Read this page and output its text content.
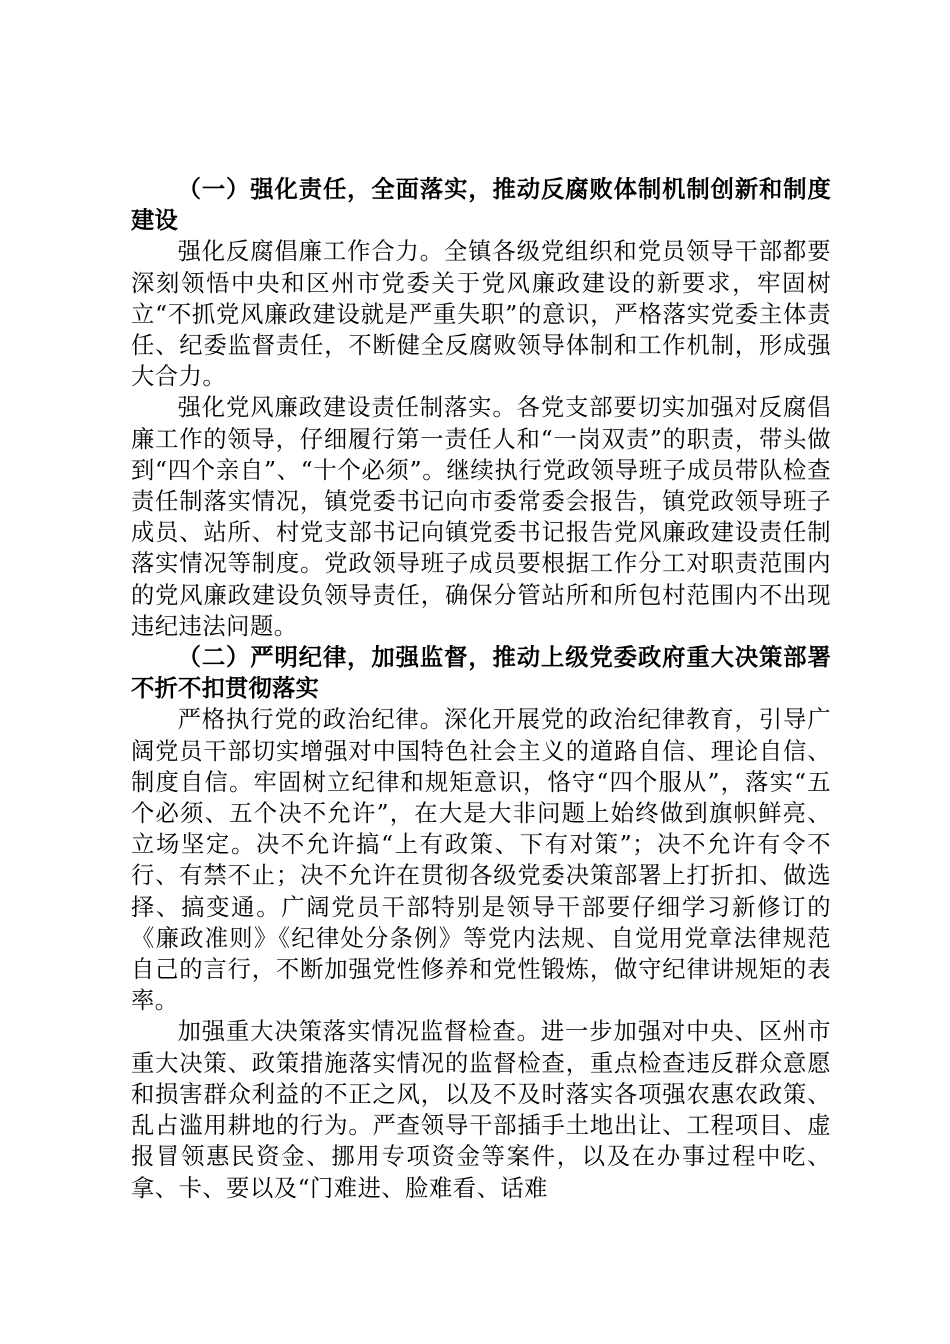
（一）强化责任，全面落实，推动反腐败体制机制创新和制度建设

强化反腐倡廉工作合力。全镇各级党组织和党员领导干部都要深刻领悟中央和区州市党委关于党风廉政建设的新要求，牢固树立“不抓党风廉政建设就是严重失职”的意识，严格落实党委主体责任、纪委监督责任，不断健全反腐败领导体制和工作机制，形成强大合力。

强化党风廉政建设责任制落实。各党支部要切实加强对反腐倡廉工作的领导，仔细履行第一责任人和“一岗双责”的职责，带头做到“四个亲自”、“十个必须”。继续执行党政领导班子成员带队检查责任制落实情况，镇党委书记向市委常委会报告，镇党政领导班子成员、站所、村党支部书记向镇党委书记报告党风廉政建设责任制落实情况等制度。党政领导班子成员要根据工作分工对职责范围内的党风廉政建设负领导责任，确保分管站所和所包村范围内不出现违纪违法问题。

（二）严明纪律，加强监督，推动上级党委政府重大决策部署不折不扣贯彻落实

严格执行党的政治纪律。深化开展党的政治纪律教育，引导广阔党员干部切实增强对中国特色社会主义的道路自信、理论自信、制度自信。牢固树立纪律和规矩意识，恪守“四个服从”，落实“五个必须、五个决不允许”，在大是大非问题上始终做到旗帜鲜亮、立场坚定。决不允许搞“上有政策、下有对策”；决不允许有令不行、有禁不止；决不允许在贯彻各级党委决策部署上打折扣、做选择、搞变通。广阔党员干部特别是领导干部要仔细学习新修订的《廉政准则》《纪律处分条例》等党内法规、自觉用党章法律规范自己的言行，不断加强党性修养和党性锻炼，做守纪律讲规矩的表率。

加强重大决策落实情况监督检查。进一步加强对中央、区州市重大决策、政策措施落实情况的监督检查，重点检查违反群众意愿和损害群众利益的不正之风，以及不及时落实各项强农惠农政策、乱占滥用耕地的行为。严查领导干部插手土地出让、工程项目、虚报冒领惠民资金、挪用专项资金等案件，以及在办事过程中吃、拿、卡、要以及“门难进、脸难看、话难
